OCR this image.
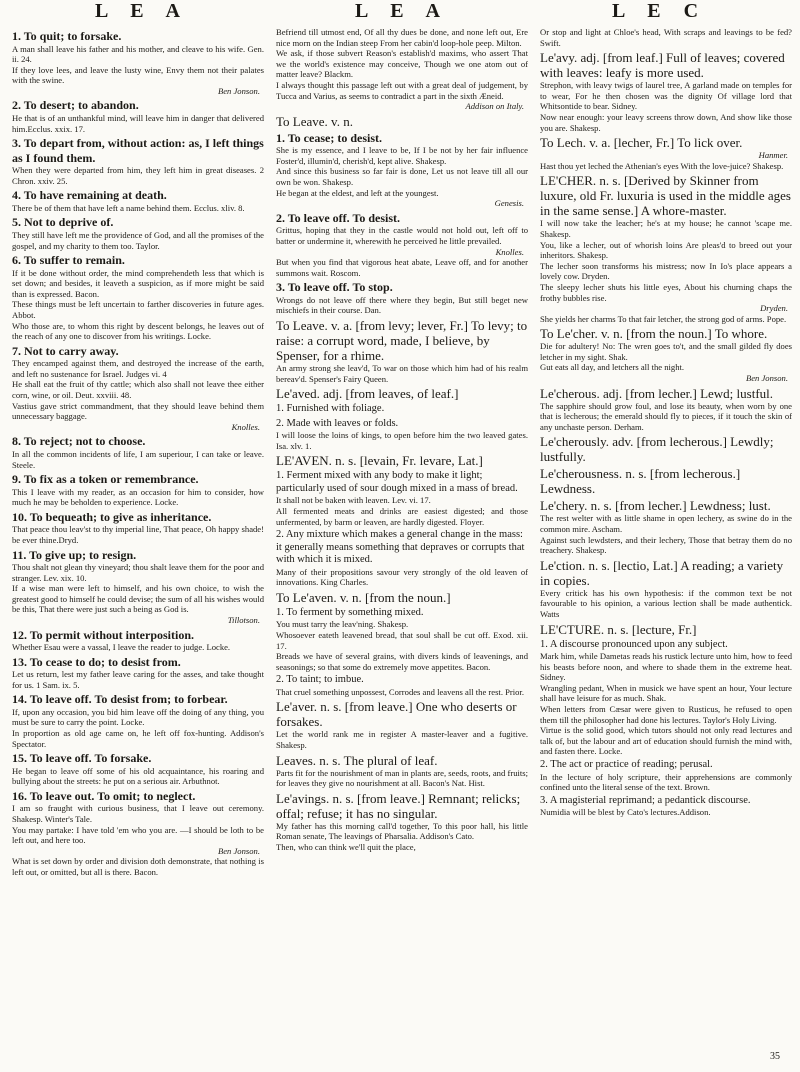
L E A	L E A	L E C
1. To quit; to forsake.
A man shall leave his father and his mother, and cleave to his wife. Gen. ii. 24.
If they love lees, and leave the lusty wine, Envy them not their palates with the swine.
Ben Jonson.
2. To desert; to abandon.
He that is of an unthankful mind, will leave him in danger that delivered him.Ecclus. xxix. 17.
3. To depart from, without action: as, I left things as I found them.
When they were departed from him, they left him in great diseases. 2 Chron. xxiv. 25.
4. To have remaining at death.
There be of them that have left a name behind them. Ecclus. xliv. 8.
5. Not to deprive of.
They still have left me the providence of God, and all the promises of the gospel, and my charity to them too. Taylor.
6. To suffer to remain.
If it be done without order, the mind comprehendeth less that which is set down; and besides, it leaveth a suspicion, as if more might be said than is expressed. Bacon.
These things must be left uncertain to farther discoveries in future ages. Abbot.
Who those are, to whom this right by descent belongs, he leaves out of the reach of any one to discover from his writings. Locke.
7. Not to carry away.
They encamped against them, and destroyed the increase of the earth, and left no sustenance for Israel. Judges vi. 4
He shall eat the fruit of thy cattle; which also shall not leave thee either corn, wine, or oil. Deut. xxviii. 48.
Vastius gave strict commandment, that they should leave behind them unnecessary baggage.
Knolles.
8. To reject; not to choose.
In all the common incidents of life, I am superiour, I can take or leave. Steele.
9. To fix as a token or remembrance.
This I leave with my reader, as an occasion for him to consider, how much he may be beholden to experience. Locke.
10. To bequeath; to give as inheritance.
That peace thou leav'st to thy imperial line, That peace, Oh happy shade! be ever thine.Dryd.
11. To give up; to resign.
Thou shalt not glean thy vineyard; thou shalt leave them for the poor and stranger. Lev. xix. 10.
If a wise man were left to himself, and his own choice, to wish the greatest good to himself he could devise; the sum of all his wishes would be this, That there were just such a being as God is.
Tillotson.
12. To permit without interposition.
Whether Esau were a vassal, I leave the reader to judge. Locke.
13. To cease to do; to desist from.
Let us return, lest my father leave caring for the asses, and take thought for us. 1 Sam. ix. 5.
14. To leave off. To desist from; to forbear.
If, upon any occasion, you bid him leave off the doing of any thing, you must be sure to carry the point. Locke.
In proportion as old age came on, he left off fox-hunting. Addison's Spectator.
15. To leave off. To forsake.
He began to leave off some of his old acquaintance, his roaring and bullying about the streets: he put on a serious air. Arbuthnot.
16. To leave out. To omit; to neglect.
I am so fraught with curious business, that I leave out ceremony. Shakesp. Winter's Tale.
You may partake: I have told 'em who you are. —I should be loth to be left out, and here too.
Ben Jonson.
What is set down by order and division doth demonstrate, that nothing is left out, or omitted, but all is there. Bacon.
Befriend till utmost end, Of all thy dues be done, and none left out, Ere nice morn on the Indian steep From her cabin'd loop-hole peep. Milton.
We ask, if those subvert Reason's establish'd maxims, who assert That we the world's existence may conceive, Though we one atom out of matter leave? Blackm.
I always thought this passage left out with a great deal of judgement, by Tucca and Varius, as seems to contradict a part in the sixth Æneid.
Addison on Italy.
To Leave. v. n.
1. To cease; to desist.
She is my essence, and I leave to be, If I be not by her fair influence Foster'd, illumin'd, cherish'd, kept alive. Shakesp.
And since this business so far fair is done, Let us not leave till all our own be won. Shakesp.
He began at the eldest, and left at the youngest.
Genesis.
2. To leave off. To desist.
Grittus, hoping that they in the castle would not hold out, left off to batter or undermine it, wherewith he perceived he little prevailed.
Knolles.
But when you find that vigorous heat abate, Leave off, and for another summons wait. Roscom.
3. To leave off. To stop.
Wrongs do not leave off there where they begin, But still beget new mischiefs in their course. Dan.
To Leave. v. a. [from levy; lever, Fr.] To levy; to raise: a corrupt word, made, I believe, by Spenser, for a rhime.
An army strong she leav'd, To war on those which him had of his realm bereav'd. Spenser's Fairy Queen.
Le'aved. adj. [from leaves, of leaf.]
1. Furnished with foliage.
2. Made with leaves or folds.
I will loose the loins of kings, to open before him the two leaved gates. Isa. xlv. 1.
LE'AVEN. n. s. [levain, Fr. levare, Lat.]
1. Ferment mixed with any body to make it light; particularly used of sour dough mixed in a mass of bread.
It shall not be baken with leaven. Lev. vi. 17.
All fermented meats and drinks are easiest digested; and those unfermented, by barm or leaven, are hardly digested. Floyer.
2. Any mixture which makes a general change in the mass: it generally means something that depraves or corrupts that with which it is mixed.
Many of their propositions savour very strongly of the old leaven of innovations. King Charles.
To Le'aven. v. n. [from the noun.]
1. To ferment by something mixed.
You must tarry the leav'ning. Shakesp.
Whosoever eateth leavened bread, that soul shall be cut off. Exod. xii. 17.
Breads we have of several grains, with divers kinds of leavenings, and seasonings; so that some do extremely move appetites. Bacon.
2. To taint; to imbue.
That cruel something unpossest, Corrodes and leavens all the rest. Prior.
Le'aver. n. s. [from leave.] One who deserts or forsakes.
Let the world rank me in register A master-leaver and a fugitive. Shakesp.
Leaves. n. s. The plural of leaf.
Parts fit for the nourishment of man in plants are, seeds, roots, and fruits; for leaves they give no nourishment at all. Bacon's Nat. Hist.
Le'avings. n. s. [from leave.] Remnant; relicks; offal; refuse; it has no singular.
My father has this morning call'd together, To this poor hall, his little Roman senate, The leavings of Pharsalia. Addison's Cato.
Then, who can think we'll quit the place,
Or stop and light at Chloe's head, With scraps and leavings to be fed? Swift.
Le'avy. adj. [from leaf.] Full of leaves; covered with leaves: leafy is more used.
Strephon, with leavy twigs of laurel tree, A garland made on temples for to wear, For he then chosen was the dignity Of village lord that Whitsontide to bear. Sidney.
Now near enough: your leavy screens throw down, And show like those you are. Shakesp.
To Lech. v. a. [lecher, Fr.] To lick over.
Hanmer.
Hast thou yet leched the Athenian's eyes With the love-juice? Shakesp.
LE'CHER. n. s. [Derived by Skinner from luxure, old Fr. luxuria is used in the middle ages in the same sense.] A whore-master.
I will now take the leacher; he's at my house; he cannot 'scape me. Shakesp.
You, like a lecher, out of whorish loins Are pleas'd to breed out your inheritors. Shakesp.
The lecher soon transforms his mistress; now In Io's place appears a lovely cow. Dryden.
The sleepy lecher shuts his little eyes, About his churning chaps the frothy bubbles rise.
Dryden.
She yields her charms To that fair letcher, the strong god of arms. Pope.
To Le'cher. v. n. [from the noun.] To whore.
Die for adultery! No: The wren goes to't, and the small gilded fly does letcher in my sight. Shak.
Gut eats all day, and letchers all the night.
Ben Jonson.
Le'cherous. adj. [from lecher.] Lewd; lustful.
The sapphire should grow foul, and lose its beauty, when worn by one that is lecherous; the emerald should fly to pieces, if it touch the skin of any unchaste person. Derham.
Le'cherously. adv. [from lecherous.] Lewdly; lustfully.
Le'cherousness. n. s. [from lecherous.] Lewdness.
Le'chery. n. s. [from lecher.] Lewdness; lust.
The rest welter with as little shame in open lechery, as swine do in the common mire. Ascham.
Against such lewdsters, and their lechery, Those that betray them do no treachery. Shakesp.
Le'ction. n. s. [lectio, Lat.] A reading; a variety in copies.
Every critick has his own hypothesis: if the common text be not favourable to his opinion, a various lection shall be made authentick. Watts
LE'CTURE. n. s. [lecture, Fr.]
1. A discourse pronounced upon any subject.
Mark him, while Dametas reads his rustick lecture unto him, how to feed his beasts before noon, and where to shade them in the extreme heat. Sidney.
Wrangling pedant, When in musick we have spent an hour, Your lecture shall have leisure for as much. Shak.
When letters from Cæsar were given to Rusticus, he refused to open them till the philosopher had done his lectures. Taylor's Holy Living.
Virtue is the solid good, which tutors should not only read lectures and talk of, but the labour and art of education should furnish the mind with, and fasten there. Locke.
2. The act or practice of reading; perusal.
In the lecture of holy scripture, their apprehensions are commonly confined unto the literal sense of the text. Brown.
3. A magisterial reprimand; a pedantick discourse.
Numidia will be blest by Cato's lectures.Addison.
35
